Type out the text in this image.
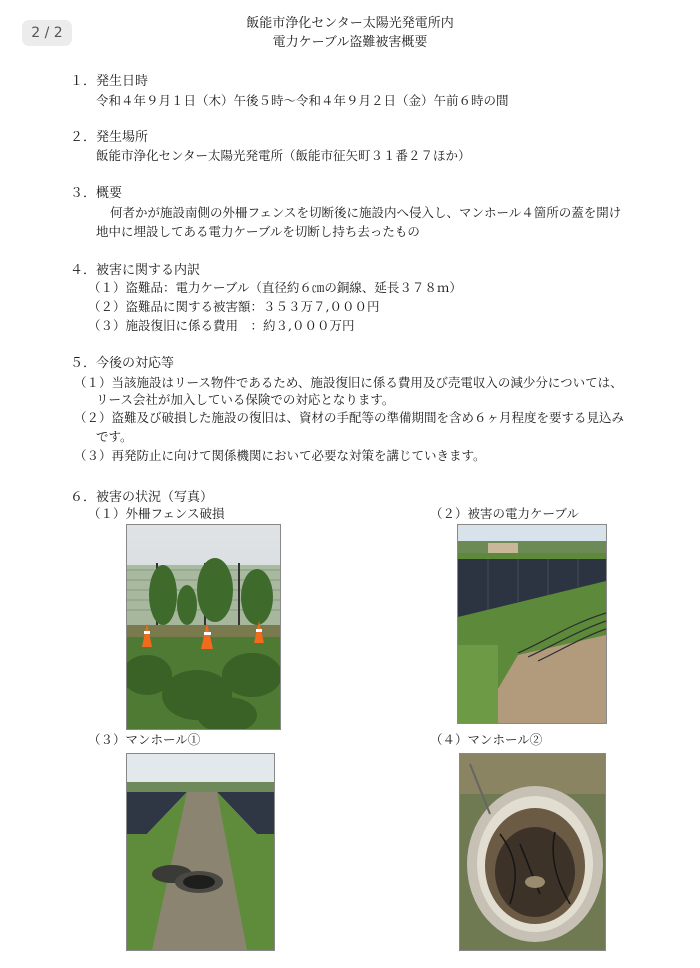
2 / 2
飯能市浄化センター太陽光発電所内
電力ケーブル盗難被害概要
１．発生日時
令和４年９月１日（木）午後５時～令和４年９月２日（金）午前６時の間
２．発生場所
飯能市浄化センター太陽光発電所（飯能市征矢町３１番２７ほか）
３．概要
何者かが施設南側の外柵フェンスを切断後に施設内へ侵入し、マンホール４箇所の蓋を開け
地中に埋設してある電力ケーブルを切断し持ち去ったもの
４．被害に関する内訳
（１）盗難品：電力ケーブル（直径約６㎝の銅線、延長３７８ｍ）
（２）盗難品に関する被害額：３５３万７,０００円
（３）施設復旧に係る費用　：約３,０００万円
５．今後の対応等
（１）当該施設はリース物件であるため、施設復旧に係る費用及び売電収入の減少分については、
リース会社が加入している保険での対応となります。
（２）盗難及び破損した施設の復旧は、資材の手配等の準備期間を含め６ヶ月程度を要する見込み
です。
（３）再発防止に向けて関係機関において必要な対策を講じていきます。
６．被害の状況（写真）
（１）外柵フェンス破損	（２）被害の電力ケーブル
（３）マンホール①	（４）マンホール②
